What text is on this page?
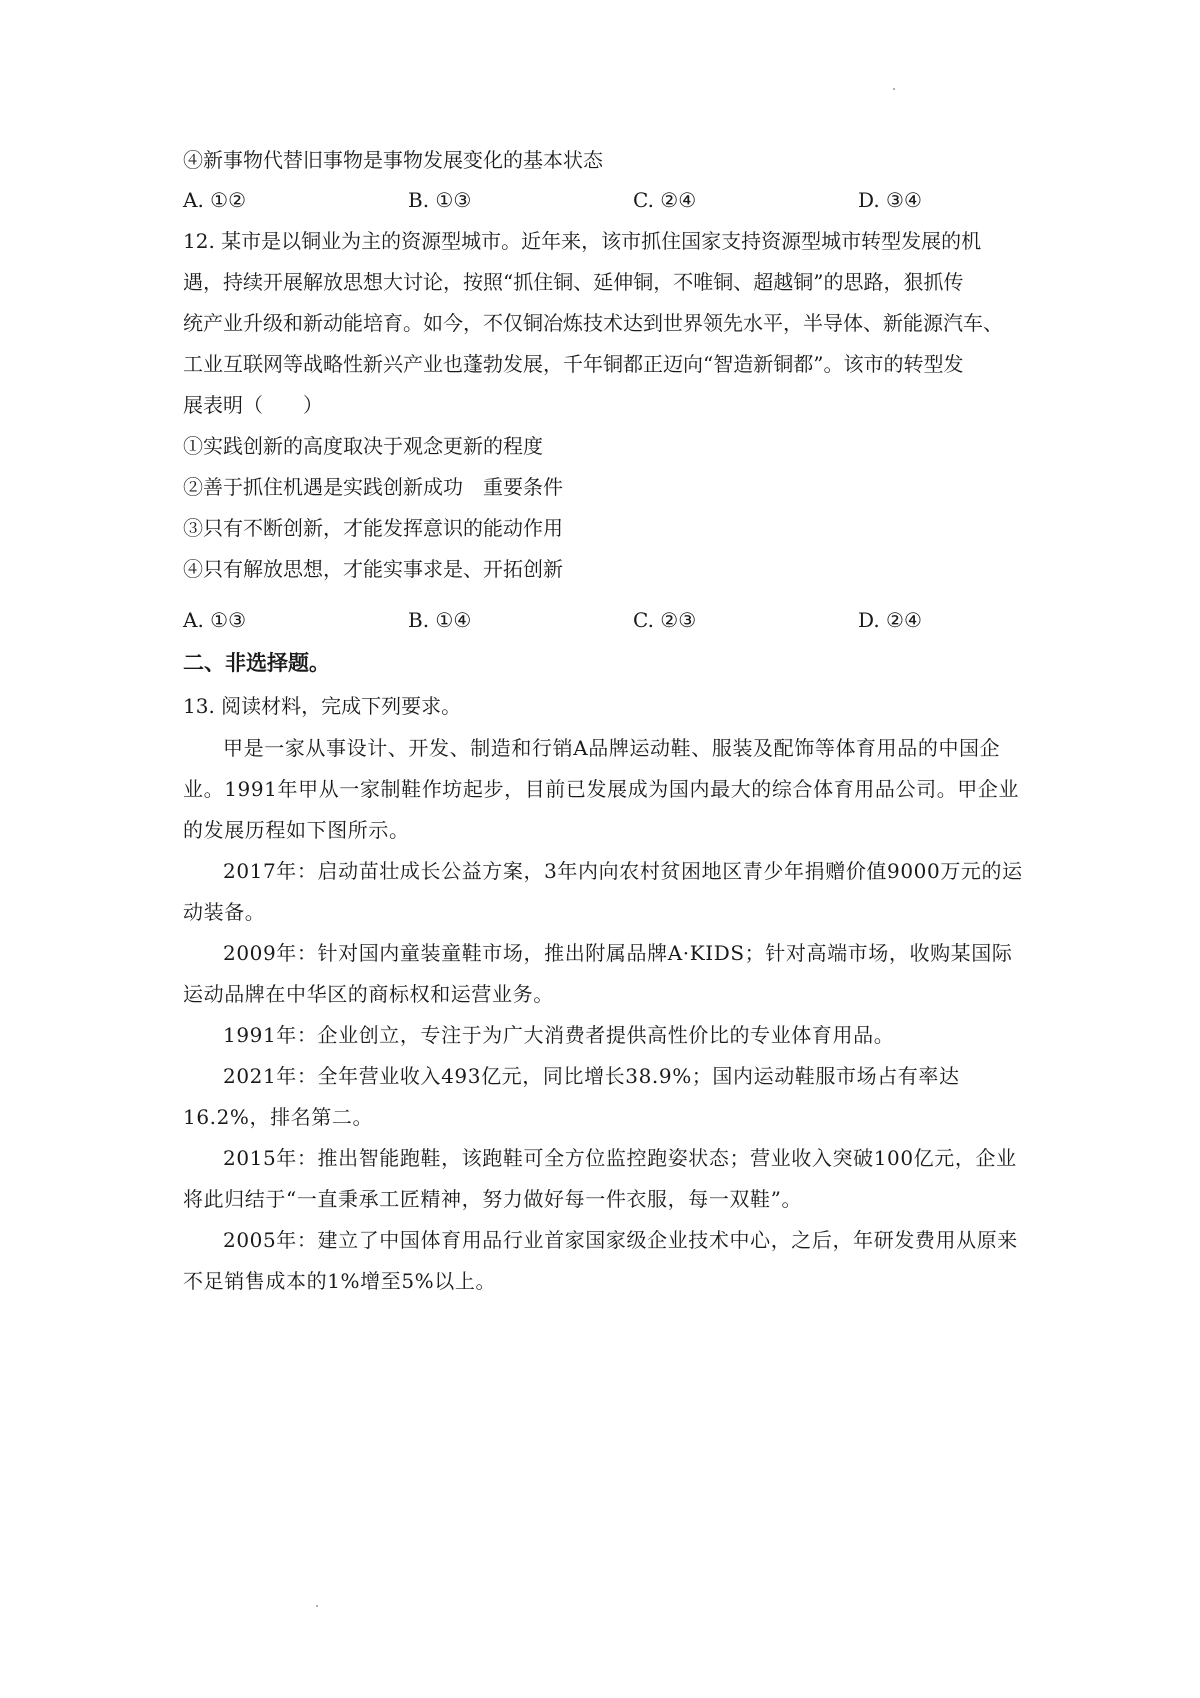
④新事物代替旧事物是事物发展变化的基本状态
A. ①②	B. ①③	C. ②④	D. ③④
12. 某市是以铜业为主的资源型城市。近年来，该市抓住国家支持资源型城市转型发展的机
遇，持续开展解放思想大讨论，按照“抓住铜、延伸铜，不唯铜、超越铜”的思路，狠抓传
统产业升级和新动能培育。如今，不仅铜冶炼技术达到世界领先水平，半导体、新能源汽车、
工业互联网等战略性新兴产业也蓬勃发展，千年铜都正迈向“智造新铜都”。该市的转型发
展表明（　　）
①实践创新的高度取决于观念更新的程度
②善于抓住机遇是实践创新成功　重要条件
③只有不断创新，才能发挥意识的能动作用
④只有解放思想，才能实事求是、开拓创新
A. ①③	B. ①④	C. ②③	D. ②④
二、非选择题。
13. 阅读材料，完成下列要求。
甲是一家从事设计、开发、制造和行销A品牌运动鞋、服装及配饰等体育用品的中国企业。1991年甲从一家制鞋作坊起步，目前已发展成为国内最大的综合体育用品公司。甲企业的发展历程如下图所示。
2017年：启动苗壮成长公益方案，3年内向农村贫困地区青少年捐赠价值9000万元的运动装备。
2009年：针对国内童装童鞋市场，推出附属品牌A·KIDS；针对高端市场，收购某国际运动品牌在中华区的商标权和运营业务。
1991年：企业创立，专注于为广大消费者提供高性价比的专业体育用品。
2021年：全年营业收入493亿元，同比增长38.9%；国内运动鞋服市场占有率达16.2%，排名第二。
2015年：推出智能跑鞋，该跑鞋可全方位监控跑姿状态；营业收入突破100亿元，企业将此归结于“一直秉承工匠精神，努力做好每一件衣服，每一双鞋”。
2005年：建立了中国体育用品行业首家国家级企业技术中心，之后，年研发费用从原来不足销售成本的1%增至5%以上。
